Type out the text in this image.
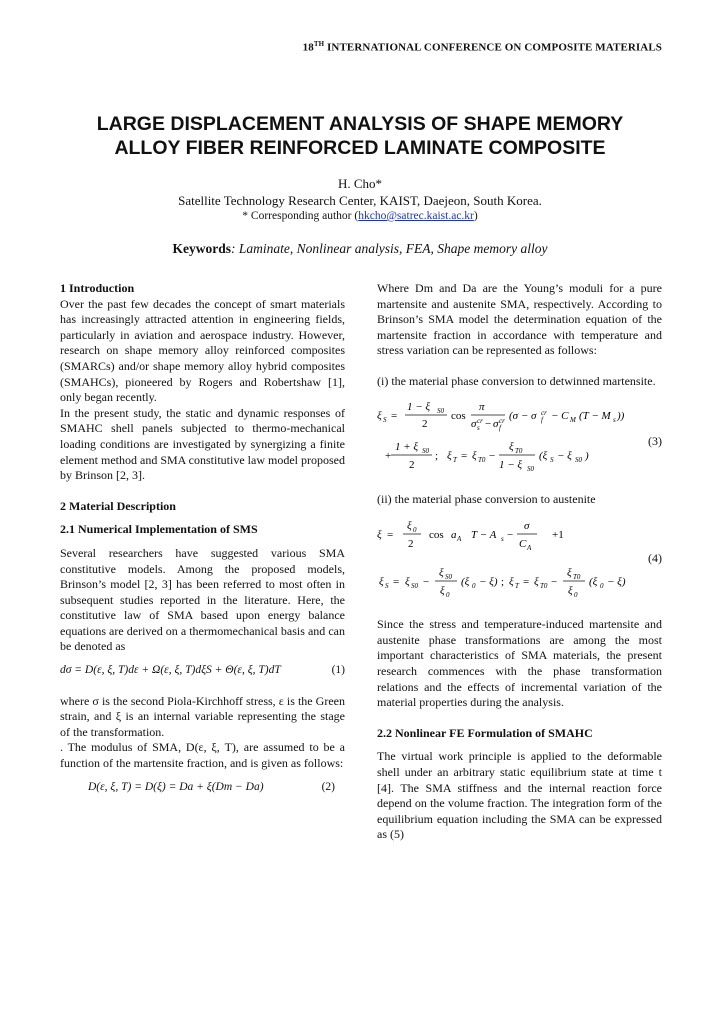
18TH INTERNATIONAL CONFERENCE ON COMPOSITE MATERIALS
LARGE DISPLACEMENT ANALYSIS OF SHAPE MEMORY
ALLOY FIBER REINFORCED LAMINATE COMPOSITE
H. Cho*
Satellite Technology Research Center, KAIST, Daejeon, South Korea.
* Corresponding author (hkcho@satrec.kaist.ac.kr)
Keywords: Laminate, Nonlinear analysis, FEA, Shape memory alloy
1 Introduction
Over the past few decades the concept of smart materials has increasingly attracted attention in engineering fields, particularly in aviation and aerospace industry. However, research on shape memory alloy reinforced composites (SMARCs) and/or shape memory alloy hybrid composites (SMAHCs), pioneered by Rogers and Robertshaw [1], only began recently.
In the present study, the static and dynamic responses of SMAHC shell panels subjected to thermo-mechanical loading conditions are investigated by synergizing a finite element method and SMA constitutive law model proposed by Brinson [2, 3].
2 Material Description
2.1 Numerical Implementation of SMS
Several researchers have suggested various SMA constitutive models. Among the proposed models, Brinson’s model [2, 3] has been referred to most often in subsequent studies reported in the literature. Here, the constitutive law of SMA based upon energy balance equations are derived on a thermomechanical basis and can be denoted as
dσ = D(ε, ξ, T)dε + Ω(ε, ξ, T)dξS + Θ(ε, ξ, T)dT	(1)
where σ is the second Piola-Kirchhoff stress, ε is the Green strain, and ξ is an internal variable representing the stage of the transformation.
. The modulus of SMA, D(ε, ξ, T), are assumed to be a function of the martensite fraction, and is given as follows:
D(ε, ξ, T) = D(ξ) = Da + ξ(Dm − Da)	(2)
Where Dm and Da are the Young’s moduli for a pure martensite and austenite SMA, respectively. According to Brinson’s SMA model the determination equation of the martensite fraction in accordance with temperature and stress variation can be represented as follows:
(i) the material phase conversion to detwinned martensite.
1 − ξ S0
ξ S =
2
cos
π
σ s
cr − σ f
cr (σ − σ f
cr − C M (T − M s ))
1 + ξ S0
+
2
; ξ T = ξ T0 −
ξ T0
1 − ξ S0
(ξ S − ξ S0 )
(3)
(ii) the material phase conversion to austenite
ξ 0
ξ =
2
cos a A T − A s −
σ
C A
+1
ξ S = ξ S0 −
ξ S0
ξ 0
(ξ 0 − ξ) ; ξ T = ξ T0 −
ξ T0
ξ 0
(ξ 0 − ξ)
(4)
Since the stress and temperature-induced martensite and austenite phase transformations are among the most important characteristics of SMA materials, the present research commences with the phase transformation relations and the effects of incremental variation of the material properties during the analysis.
2.2 Nonlinear FE Formulation of SMAHC
The virtual work principle is applied to the deformable shell under an arbitrary static equilibrium state at time t [4]. The SMA stiffness and the internal reaction force depend on the volume fraction. The integration form of the equilibrium equation including the SMA can be expressed as (5)
